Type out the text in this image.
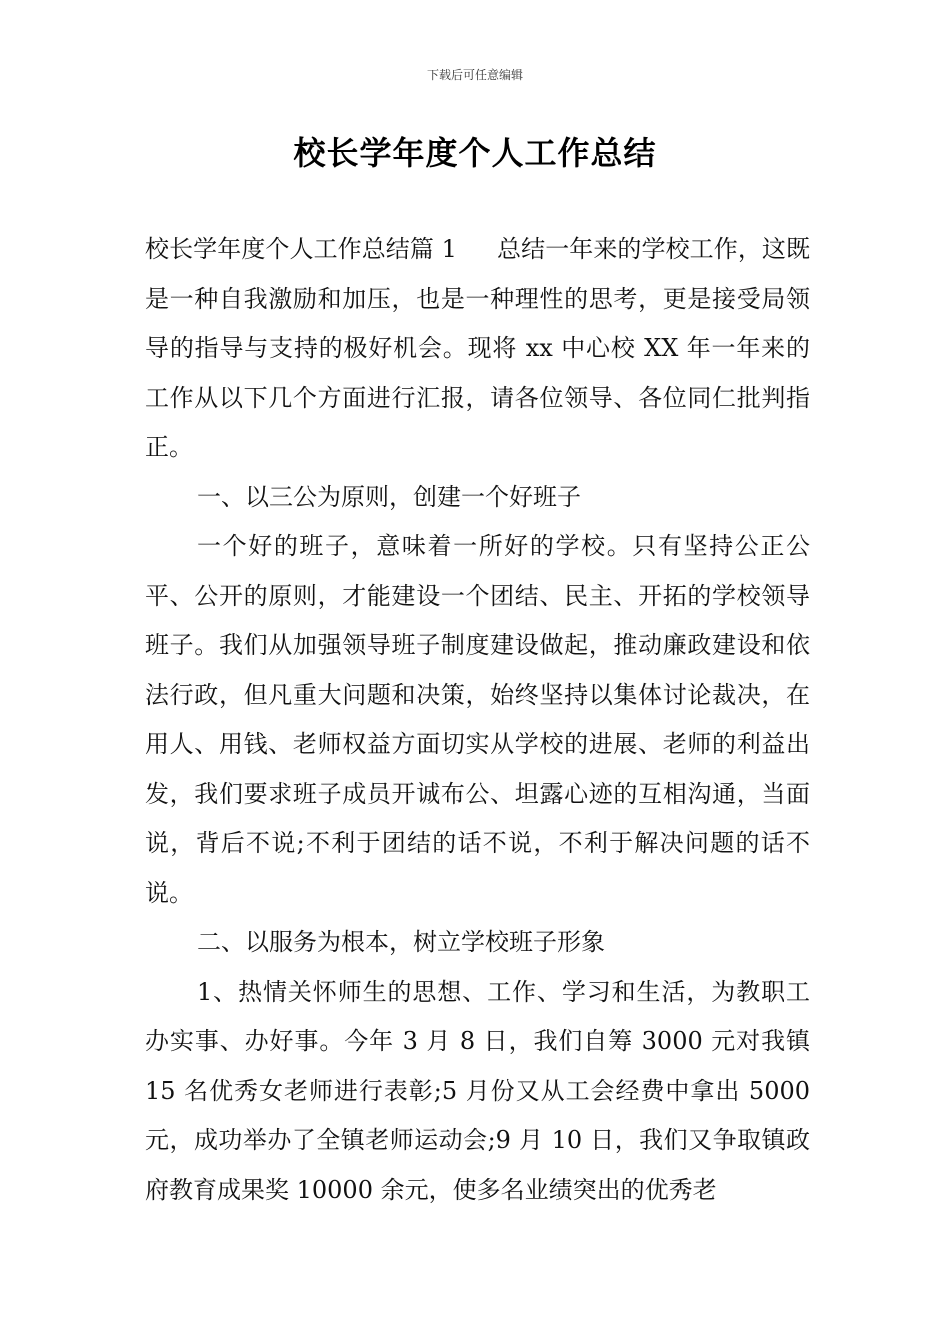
下载后可任意编辑
校长学年度个人工作总结

校长学年度个人工作总结篇 1 总结一年来的学校工作，这既是一种自我激励和加压，也是一种理性的思考，更是接受局领导的指导与支持的极好机会。现将 xx 中心校 XX 年一年来的工作从以下几个方面进行汇报，请各位领导、各位同仁批判指正。

一、以三公为原则，创建一个好班子

一个好的班子，意味着一所好的学校。只有坚持公正公平、公开的原则，才能建设一个团结、民主、开拓的学校领导班子。我们从加强领导班子制度建设做起，推动廉政建设和依法行政，但凡重大问题和决策，始终坚持以集体讨论裁决，在用人、用钱、老师权益方面切实从学校的进展、老师的利益出发，我们要求班子成员开诚布公、坦露心迹的互相沟通，当面说，背后不说;不利于团结的话不说，不利于解决问题的话不说。

二、以服务为根本，树立学校班子形象

1、热情关怀师生的思想、工作、学习和生活，为教职工办实事、办好事。今年 3 月 8 日，我们自筹 3000 元对我镇 15 名优秀女老师进行表彰;5 月份又从工会经费中拿出 5000 元，成功举办了全镇老师运动会;9 月 10 日，我们又争取镇政府教育成果奖 10000 余元，使多名业绩突出的优秀老
